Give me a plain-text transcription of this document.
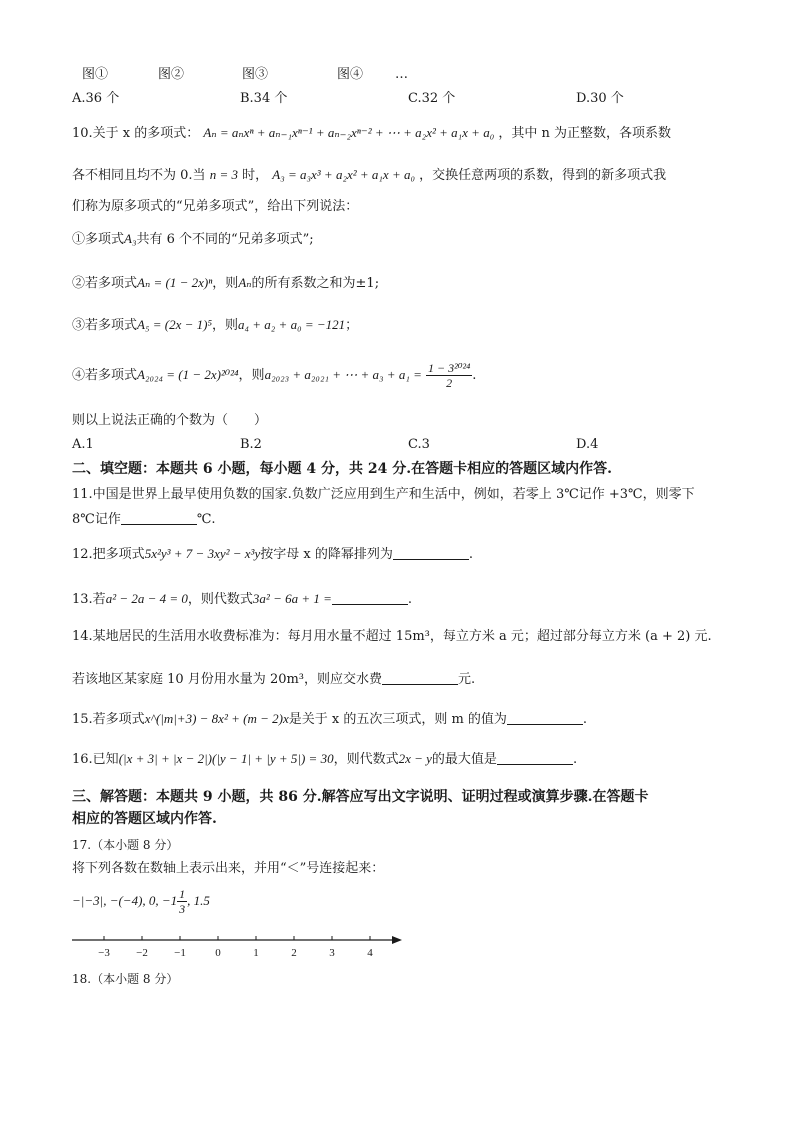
图①	图②	图③	图④ …
A.36 个	B.34 个	C.32 个	D.30 个
10.关于 x 的多项式： Aₙ = aₙxⁿ + aₙ₋₁xⁿ⁻¹ + aₙ₋₂xⁿ⁻² + ⋯ + a₂x² + a₁x + a₀ ，其中 n 为正整数，各项系数
各不相同且均不为 0.当 n = 3 时， A₃ = a₃x³ + a₂x² + a₁x + a₀ ，交换任意两项的系数，得到的新多项式我
们称为原多项式的“兄弟多项式”，给出下列说法：
①多项式A₃共有 6 个不同的“兄弟多项式”;
②若多项式Aₙ = (1 − 2x)ⁿ，则Aₙ的所有系数之和为±1;
③若多项式A₅ = (2x − 1)⁵，则a₄ + a₂ + a₀ = −121；
④若多项式A₂₀₂₄ = (1 − 2x)²⁰²⁴，则a₂₀₂₃ + a₂₀₂₁ + ⋯ + $a_3 + a_1 = \frac{\text{1 − 3²⁰²⁴}}{2}$ .
则以上说法正确的个数为（　　）
A.1	B.2	C.3	D.4
二、填空题：本题共 6 小题，每小题 4 分，共 24 分.在答题卡相应的答题区域内作答.
11.中国是世界上最早使用负数的国家.负数广泛应用到生产和生活中，例如，若零上 3℃记作 +3℃，则零下
8℃记作	℃.
12.把多项式5x²y³ + 7 − 3xy² − x³y按字母 x 的降幂排列为	.
13.若a² − 2a − 4 = 0，则代数式3a² − 6a + 1 =	.
14.某地居民的生活用水收费标准为：每月用水量不超过 15m³，每立方米 a 元；超过部分每立方米 (a + 2) 元.
若该地区某家庭 10 月份用水量为 20m³，则应交水费	元.
15.若多项式x^(|m|+3) − 8x² + (m − 2)x是关于 x 的五次三项式，则 m 的值为	.
16.已知(|x + 3| + |x − 2|)(|y − 1| + |y + 5|) = 30，则代数式2x − y的最大值是	.
三、解答题：本题共 9 小题，共 86 分.解答应写出文字说明、证明过程或演算步骤.在答题卡
相应的答题区域内作答.
17.（本小题 8 分）
将下列各数在数轴上表示出来，并用“＜”号连接起来：
−|−3|, −(−4), 0, $-1 \frac{1}{3}$ , 1.5
−3 −2 −1	0	1	2	3	4
18.（本小题 8 分）
